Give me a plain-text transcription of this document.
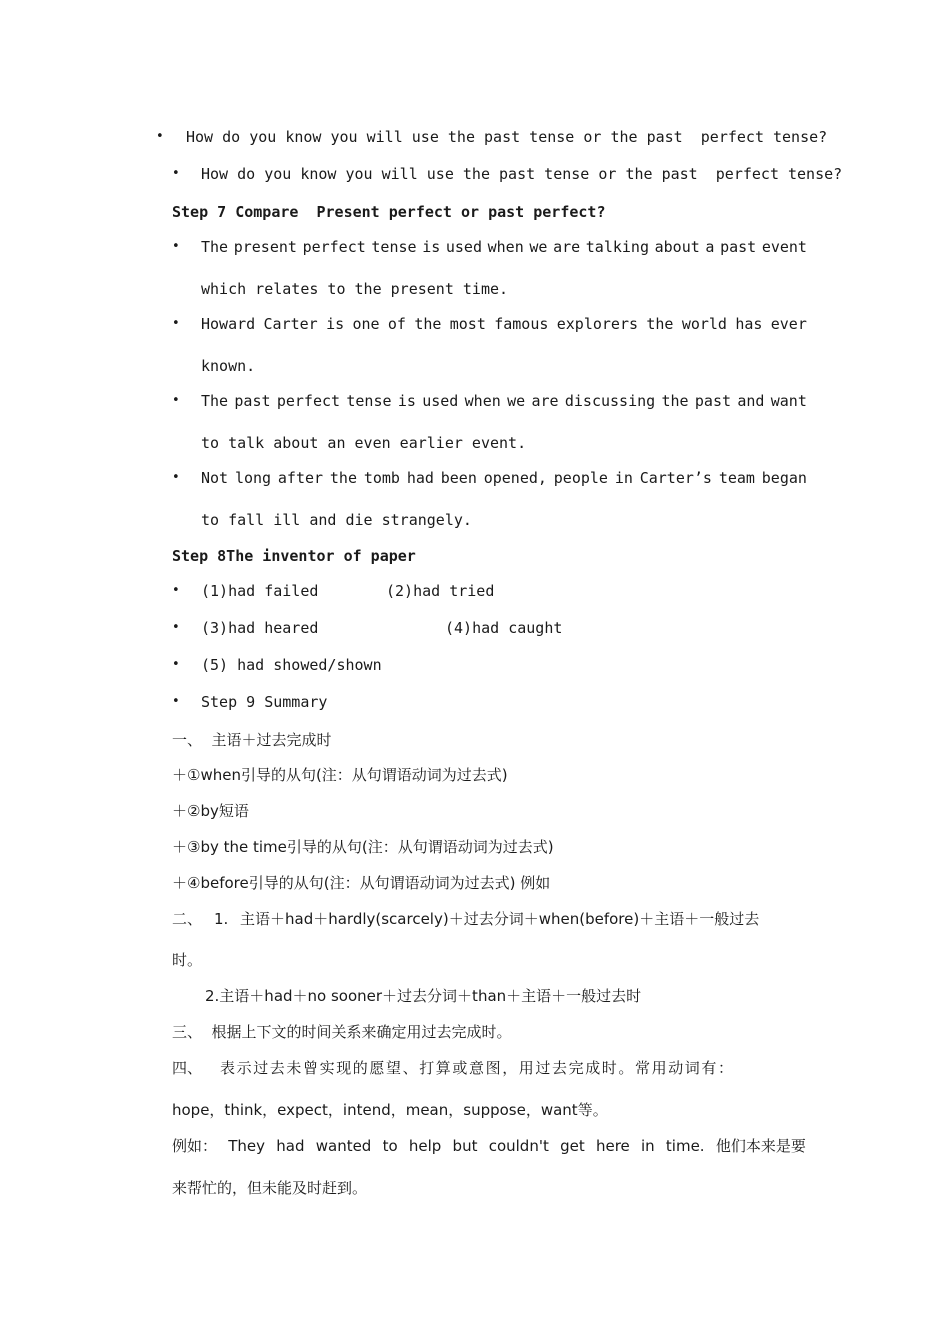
• How do you know you will use the past tense or the past  perfect tense?
• How do you know you will use the past tense or the past  perfect tense?
Step 7 Compare  Present perfect or past perfect?
• The present perfect tense is used when we are talking about a past event
which relates to the present time.
• Howard Carter is one of the most famous explorers the world has ever
known.
• The past perfect tense is used when we are discussing the past and want
to talk about an even earlier event.
• Not long after the tomb had been opened, people in Carter’s team began
to fall ill and die strangely.
Step 8The inventor of paper
• (1)had failed	(2)had tried
• (3)had heared	(4)had caught
• (5) had showed/shown
• Step 9 Summary
一、  主语＋过去完成时
＋①when引导的从句(注：从句谓语动词为过去式)
＋②by短语
＋③by the time引导的从句(注：从句谓语动词为过去式)
＋④before引导的从句(注：从句谓语动词为过去式) 例如
二、 1. 主语＋had＋hardly(scarcely)＋过去分词＋when(before)＋主语＋一般过去
时。
2.主语＋had＋no sooner＋过去分词＋than＋主语＋一般过去时
三、  根据上下文的时间关系来确定用过去完成时。
四、	表示过去未曾实现的愿望、打算或意图，用过去完成时。常用动词有：
hope，think，expect，intend，mean，suppose，want等。
例如： They had wanted to help but couldn't get here in time. 他们本来是要
来帮忙的，但未能及时赶到。
